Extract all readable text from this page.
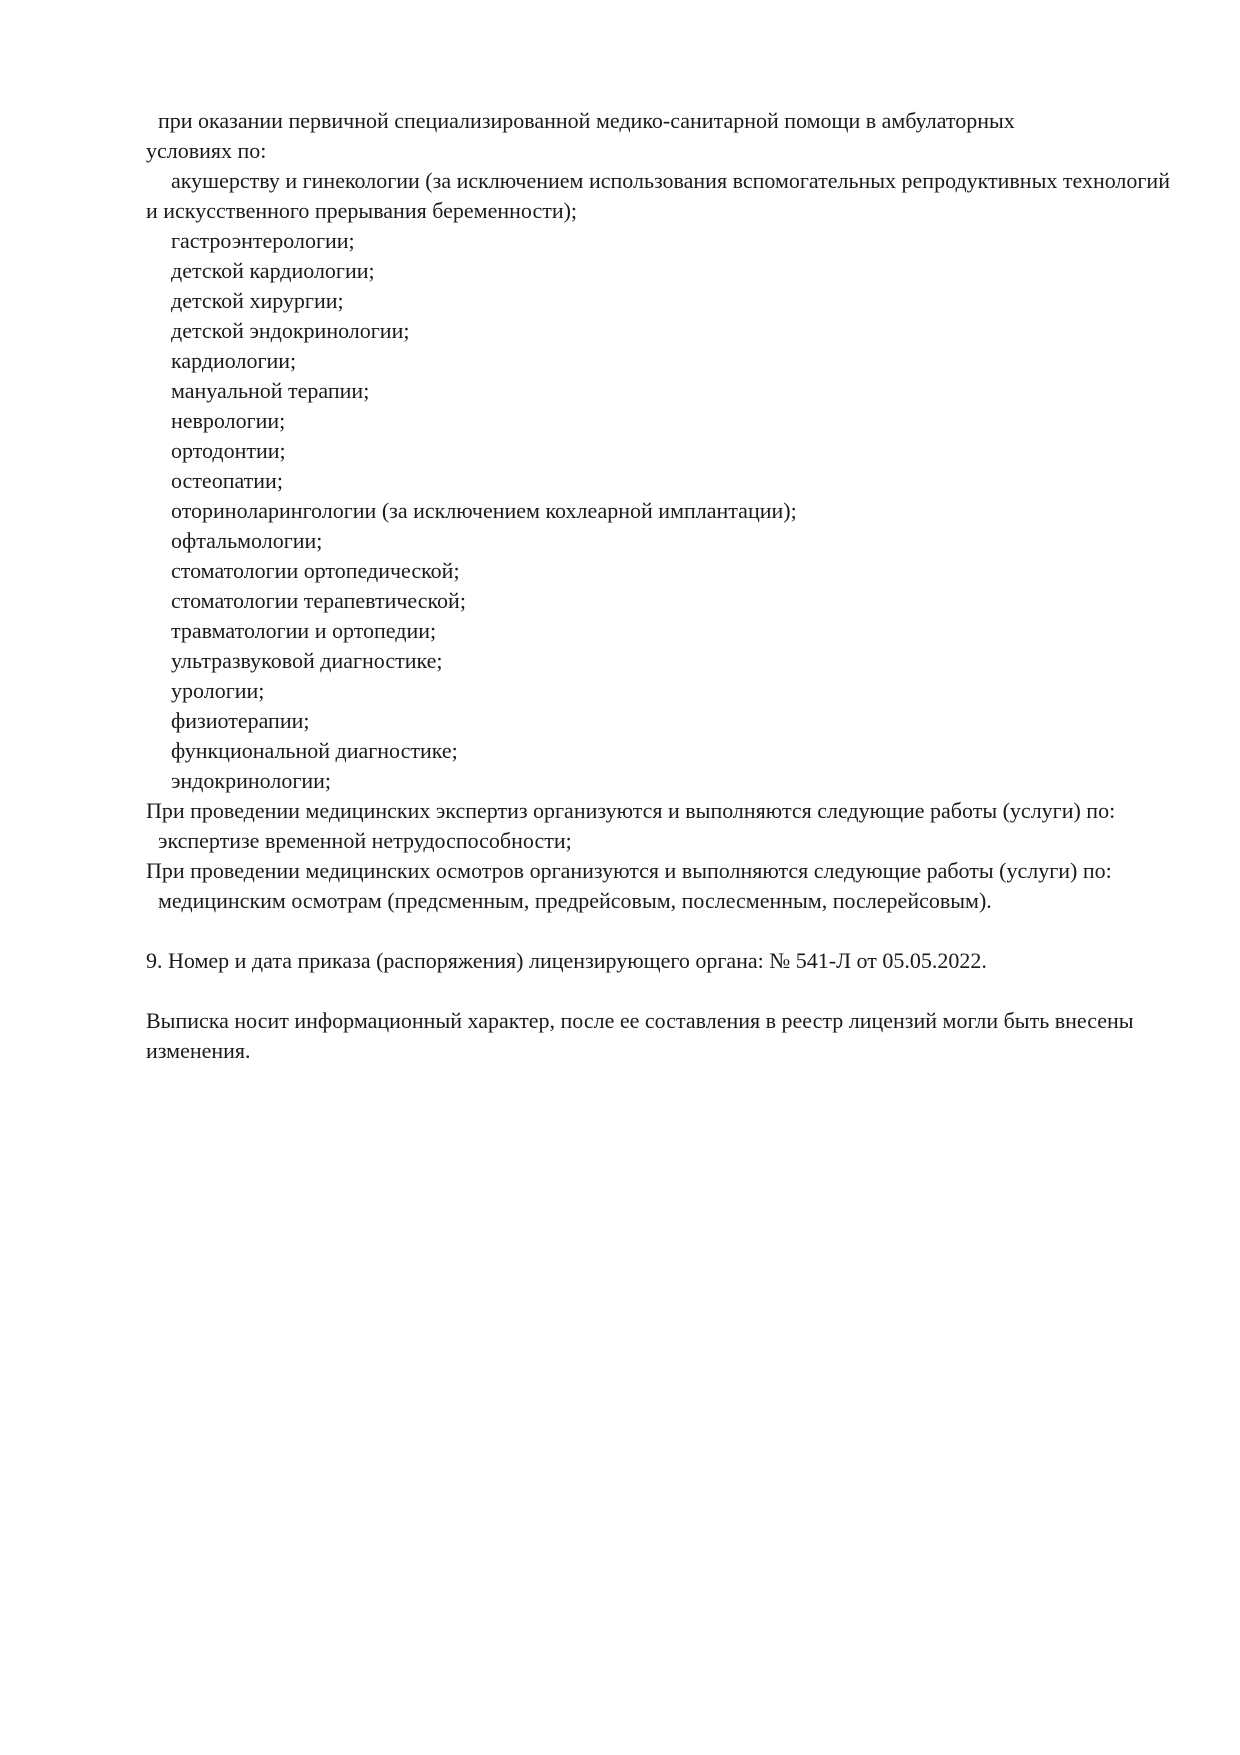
при оказании первичной специализированной медико-санитарной помощи в амбулаторных условиях по:
акушерству и гинекологии (за исключением использования вспомогательных репродуктивных технологий и искусственного прерывания беременности);
гастроэнтерологии;
детской кардиологии;
детской хирургии;
детской эндокринологии;
кардиологии;
мануальной терапии;
неврологии;
ортодонтии;
остеопатии;
оториноларингологии (за исключением кохлеарной имплантации);
офтальмологии;
стоматологии ортопедической;
стоматологии терапевтической;
травматологии и ортопедии;
ультразвуковой диагностике;
урологии;
физиотерапии;
функциональной диагностике;
эндокринологии;
При проведении медицинских экспертиз организуются и выполняются следующие работы (услуги) по:
экспертизе временной нетрудоспособности;
При проведении медицинских осмотров организуются и выполняются следующие работы (услуги) по:
медицинским осмотрам (предсменным, предрейсовым, послесменным, послерейсовым).
9. Номер и дата приказа (распоряжения) лицензирующего органа: № 541-Л от 05.05.2022.
Выписка носит информационный характер, после ее составления в реестр лицензий могли быть внесены изменения.
